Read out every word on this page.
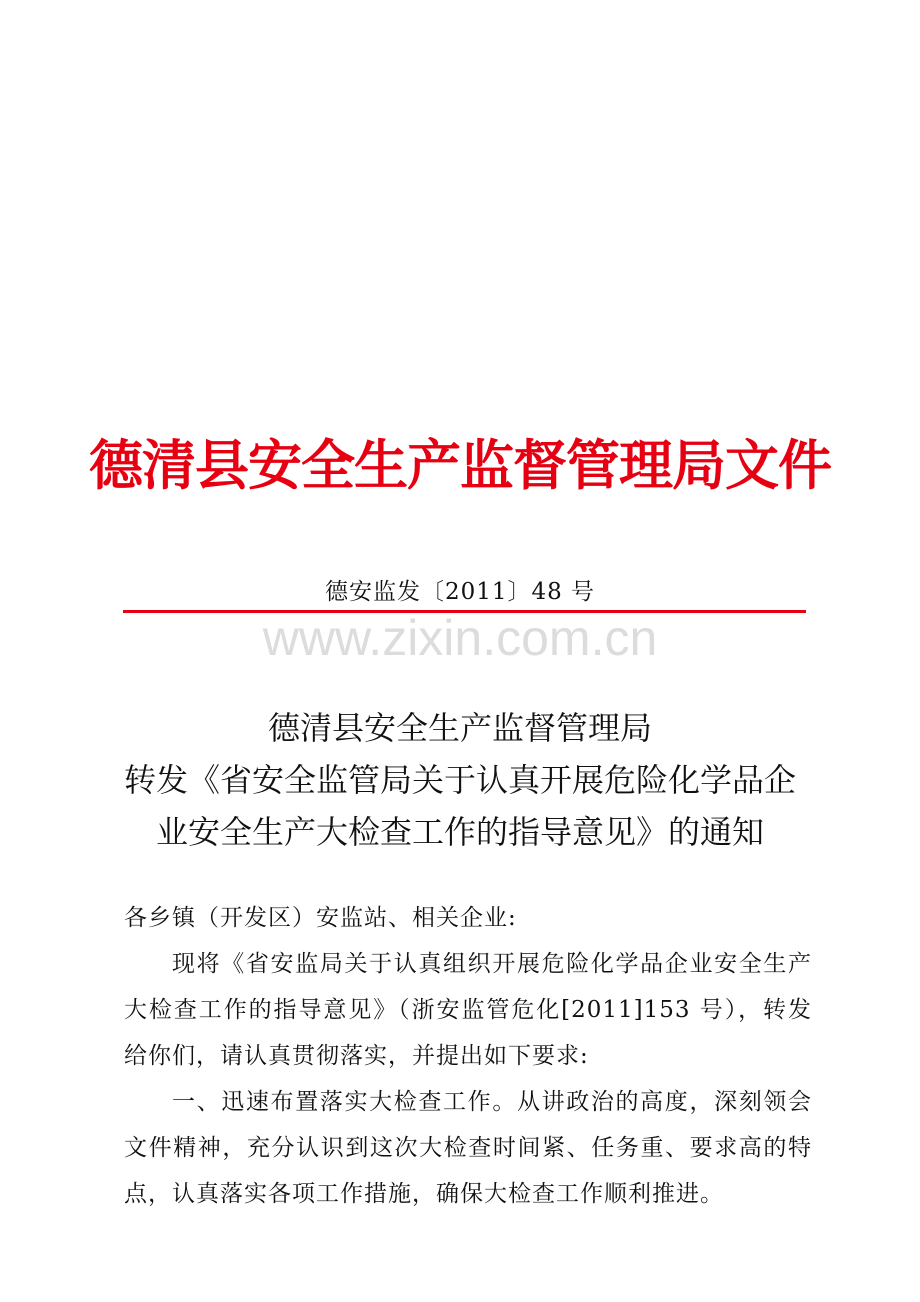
德清县安全生产监督管理局文件
德安监发〔2011〕48 号
www.zixin.com.cn
德清县安全生产监督管理局
转发《省安全监管局关于认真开展危险化学品企
业安全生产大检查工作的指导意见》的通知
各乡镇（开发区）安监站、相关企业:
现将《省安监局关于认真组织开展危险化学品企业安全生产大检查工作的指导意见》（浙安监管危化[2011]153 号），转发给你们，请认真贯彻落实，并提出如下要求:
一、迅速布置落实大检查工作。从讲政治的高度，深刻领会文件精神，充分认识到这次大检查时间紧、任务重、要求高的特点，认真落实各项工作措施，确保大检查工作顺利推进。
